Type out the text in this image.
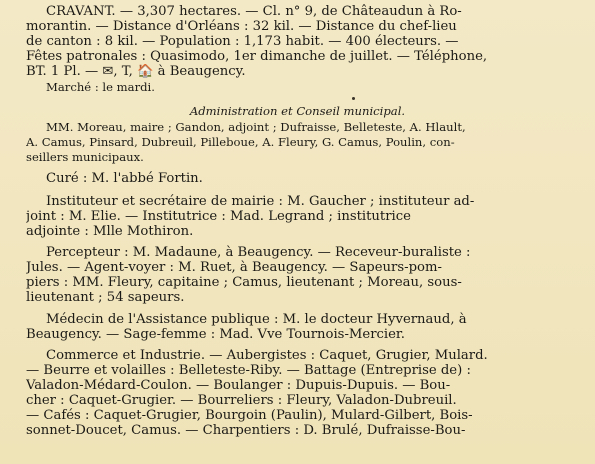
CRAVANT. — 3,307 hectares. — Cl. n° 9, de Châteaudun à Ro-
morantin. — Distance d'Orléans : 32 kil. — Distance du chef-lieu
de canton : 8 kil. — Population : 1,173 habit. — 400 électeurs. —
Fêtes patronales : Quasimodo, 1er dimanche de juillet. — Téléphone,
BT. 1 Pl. — ✉, T, 🏠 à Beaugency.
Marché : le mardi.
Administration et Conseil municipal.
MM. Moreau, maire ; Gandon, adjoint ; Dufraisse, Belleteste, A. Hlault,
A. Camus, Pinsard, Dubreuil, Pilleboue, A. Fleury, G. Camus, Poulin, con-
seillers municipaux.
Curé : M. l'abbé Fortin.
Instituteur et secrétaire de mairie : M. Gaucher ; instituteur ad-
joint : M. Elie. — Institutrice : Mad. Legrand ; institutrice
adjointe : Mlle Mothiron.
Percepteur : M. Madaune, à Beaugency. — Receveur-buraliste :
Jules. — Agent-voyer : M. Ruet, à Beaugency. — Sapeurs-pom-
piers : MM. Fleury, capitaine ; Camus, lieutenant ; Moreau, sous-
lieutenant ; 54 sapeurs.
Médecin de l'Assistance publique : M. le docteur Hyvernaud, à
Beaugency. — Sage-femme : Mad. Vve Tournois-Mercier.
Commerce et Industrie. — Aubergistes : Caquet, Grugier, Mulard.
— Beurre et volailles : Belleteste-Riby. — Battage (Entreprise de) :
Valadon-Médard-Coulon. — Boulanger : Dupuis-Dupuis. — Bou-
cher : Caquet-Grugier. — Bourreliers : Fleury, Valadon-Dubreuil.
— Cafés : Caquet-Grugier, Bourgoin (Paulin), Mulard-Gilbert, Bois-
sonnet-Doucet, Camus. — Charpentiers : D. Brulé, Dufraisse-Bou-
